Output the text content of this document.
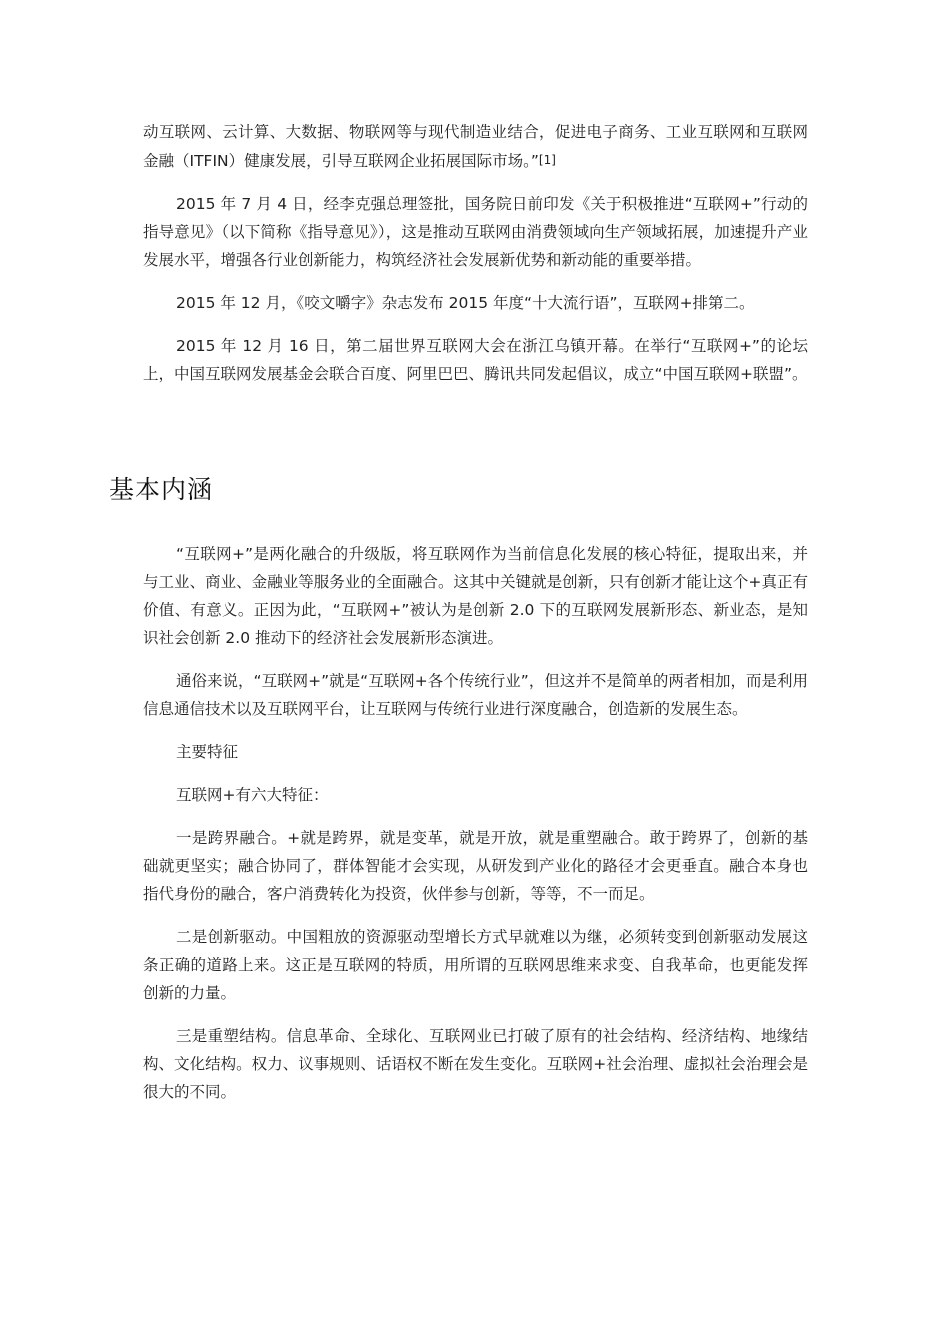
动互联网、云计算、大数据、物联网等与现代制造业结合，促进电子商务、工业互联网和互联网金融（ITFIN）健康发展，引导互联网企业拓展国际市场。”[1]

2015 年 7 月 4 日，经李克强总理签批，国务院日前印发《关于积极推进“互联网+”行动的指导意见》（以下简称《指导意见》），这是推动互联网由消费领域向生产领域拓展，加速提升产业发展水平，增强各行业创新能力，构筑经济社会发展新优势和新动能的重要举措。

2015 年 12 月，《咬文嚼字》杂志发布 2015 年度“十大流行语”，互联网+排第二。

2015 年 12 月 16 日，第二届世界互联网大会在浙江乌镇开幕。在举行“互联网+”的论坛上，中国互联网发展基金会联合百度、阿里巴巴、腾讯共同发起倡议，成立“中国互联网+联盟”。

基本内涵

“互联网+”是两化融合的升级版，将互联网作为当前信息化发展的核心特征，提取出来，并与工业、商业、金融业等服务业的全面融合。这其中关键就是创新，只有创新才能让这个+真正有价值、有意义。正因为此，“互联网+”被认为是创新 2.0 下的互联网发展新形态、新业态，是知识社会创新 2.0 推动下的经济社会发展新形态演进。

通俗来说，“互联网+”就是“互联网+各个传统行业”，但这并不是简单的两者相加，而是利用信息通信技术以及互联网平台，让互联网与传统行业进行深度融合，创造新的发展生态。

主要特征

互联网+有六大特征：

一是跨界融合。+就是跨界，就是变革，就是开放，就是重塑融合。敢于跨界了，创新的基础就更坚实；融合协同了，群体智能才会实现，从研发到产业化的路径才会更垂直。融合本身也指代身份的融合，客户消费转化为投资，伙伴参与创新，等等，不一而足。

二是创新驱动。中国粗放的资源驱动型增长方式早就难以为继，必须转变到创新驱动发展这条正确的道路上来。这正是互联网的特质，用所谓的互联网思维来求变、自我革命，也更能发挥创新的力量。

三是重塑结构。信息革命、全球化、互联网业已打破了原有的社会结构、经济结构、地缘结构、文化结构。权力、议事规则、话语权不断在发生变化。互联网+社会治理、虚拟社会治理会是很大的不同。
